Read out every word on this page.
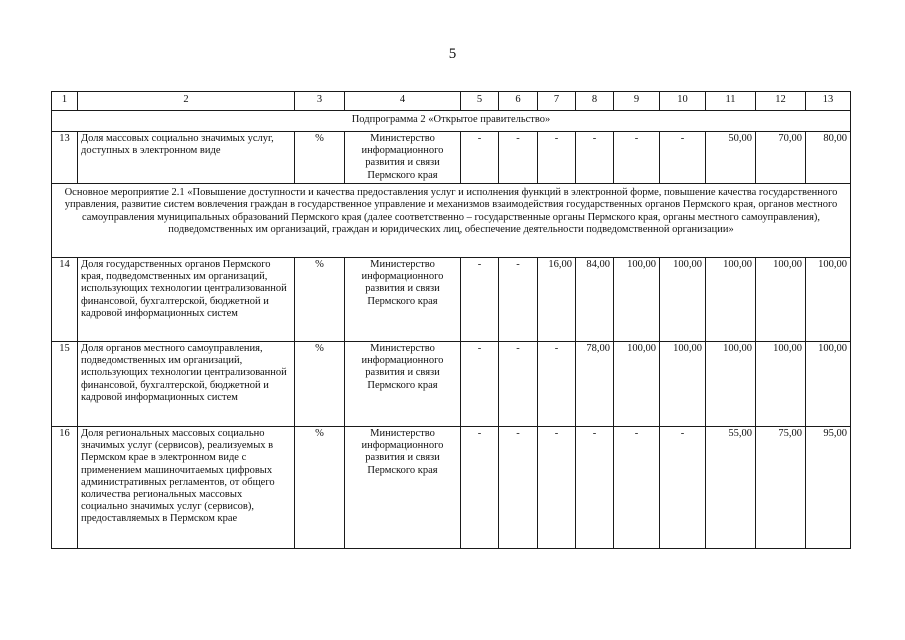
5
1	2	3	4	5	6	7	8	9	10	11	12	13
Подпрограмма 2 «Открытое правительство»												
13	Доля массовых социально значимых услуг, доступных в электронном виде	%	Министерство информационного развития и связи Пермского края	-	-	-	-	-	-	50,00	70,00	80,00
Основное мероприятие 2.1 «Повышение доступности и качества предоставления услуг и исполнения функций в электронной форме, повышение качества государственного управления, развитие систем вовлечения граждан в государственное управление и механизмов взаимодействия государственных органов Пермского края, органов местного самоуправления муниципальных образований Пермского края (далее соответственно – государственные органы Пермского края, органы местного самоуправления), подведомственных им организаций, граждан и юридических лиц, обеспечение деятельности подведомственной организации»												
14	Доля государственных органов Пермского края, подведомственных им организаций, использующих технологии централизованной финансовой, бухгалтерской, бюджетной и кадровой информационных систем	%	Министерство информационного развития и связи Пермского края	-	-	16,00	84,00	100,00	100,00	100,00	100,00	100,00
15	Доля органов местного самоуправления, подведомственных им организаций, использующих технологии централизованной финансовой, бухгалтерской, бюджетной и кадровой информационных систем	%	Министерство информационного развития и связи Пермского края	-	-	-	78,00	100,00	100,00	100,00	100,00	100,00
16	Доля региональных массовых социально значимых услуг (сервисов), реализуемых в Пермском крае в электронном виде с применением машиночитаемых цифровых административных регламентов, от общего количества региональных массовых социально значимых услуг (сервисов), предоставляемых в Пермском крае	%	Министерство информационного развития и связи Пермского края	-	-	-	-	-	-	55,00	75,00	95,00
